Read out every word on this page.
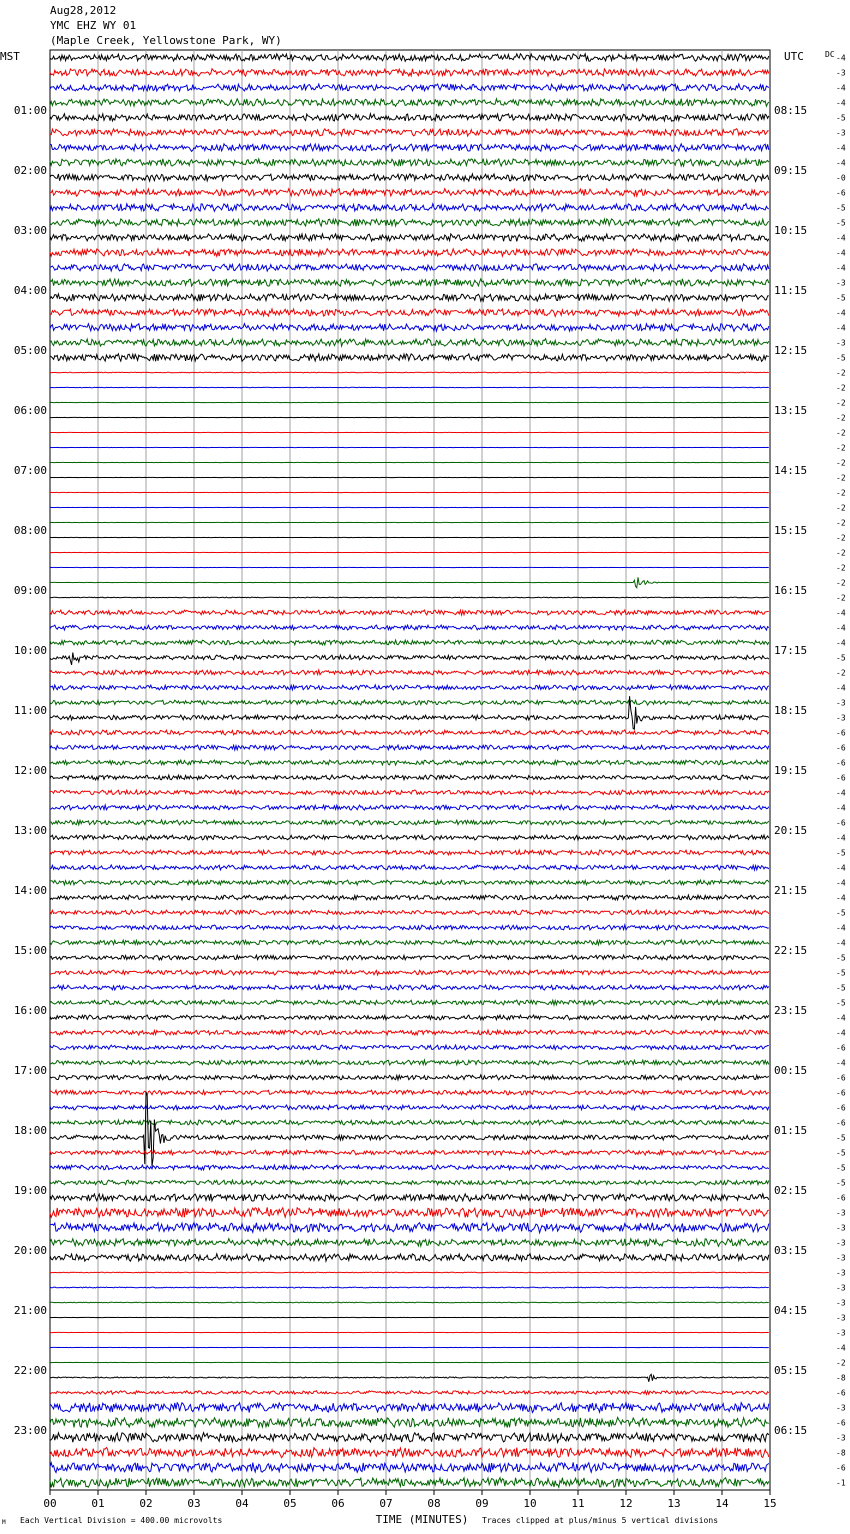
Aug28,2012
YMC EHZ WY 01
(Maple Creek, Yellowstone Park, WY)
-4
-3
-4
-4
-5
-3
-4
-4
-0
-6
-5
-5
-4
-4
-4
-3
-5
-4
-4
-3
-5
-2
-2
-2
-2
-2
-2
-2
-2
-2
-2
-2
-2
-2
-2
-2
-2
-4
-4
-4
-5
-2
-4
-3
-3
-6
-6
-6
-6
-4
-4
-6
-4
-5
-4
-4
-4
-5
-4
-4
-5
-5
-5
-5
-4
-4
-6
-4
-6
-6
-6
-6
-5
-5
-5
-5
-6
-3
-3
-3
-3
-3
-3
-3
-3
-3
-4
-2
-8
-6
-3
-6
-3
-8
-6
-1
01:00
02:00
03:00
04:00
05:00
06:00
07:00
08:00
09:00
10:00
11:00
12:00
13:00
14:00
15:00
16:00
17:00
18:00
19:00
20:00
21:00
22:00
23:00
08:15
09:15
10:15
11:15
12:15
13:15
14:15
15:15
16:15
17:15
18:15
19:15
20:15
21:15
22:15
23:15
00:15
01:15
02:15
03:15
04:15
05:15
06:15
MST	UTC	DC
00	01	02	03	04	05	06	07	08	09	10	11	12	13	14	15
TIME (MINUTES)
M Each Vertical Division = 400.00 microvolts	Traces clipped at plus/minus 5 vertical divisions
